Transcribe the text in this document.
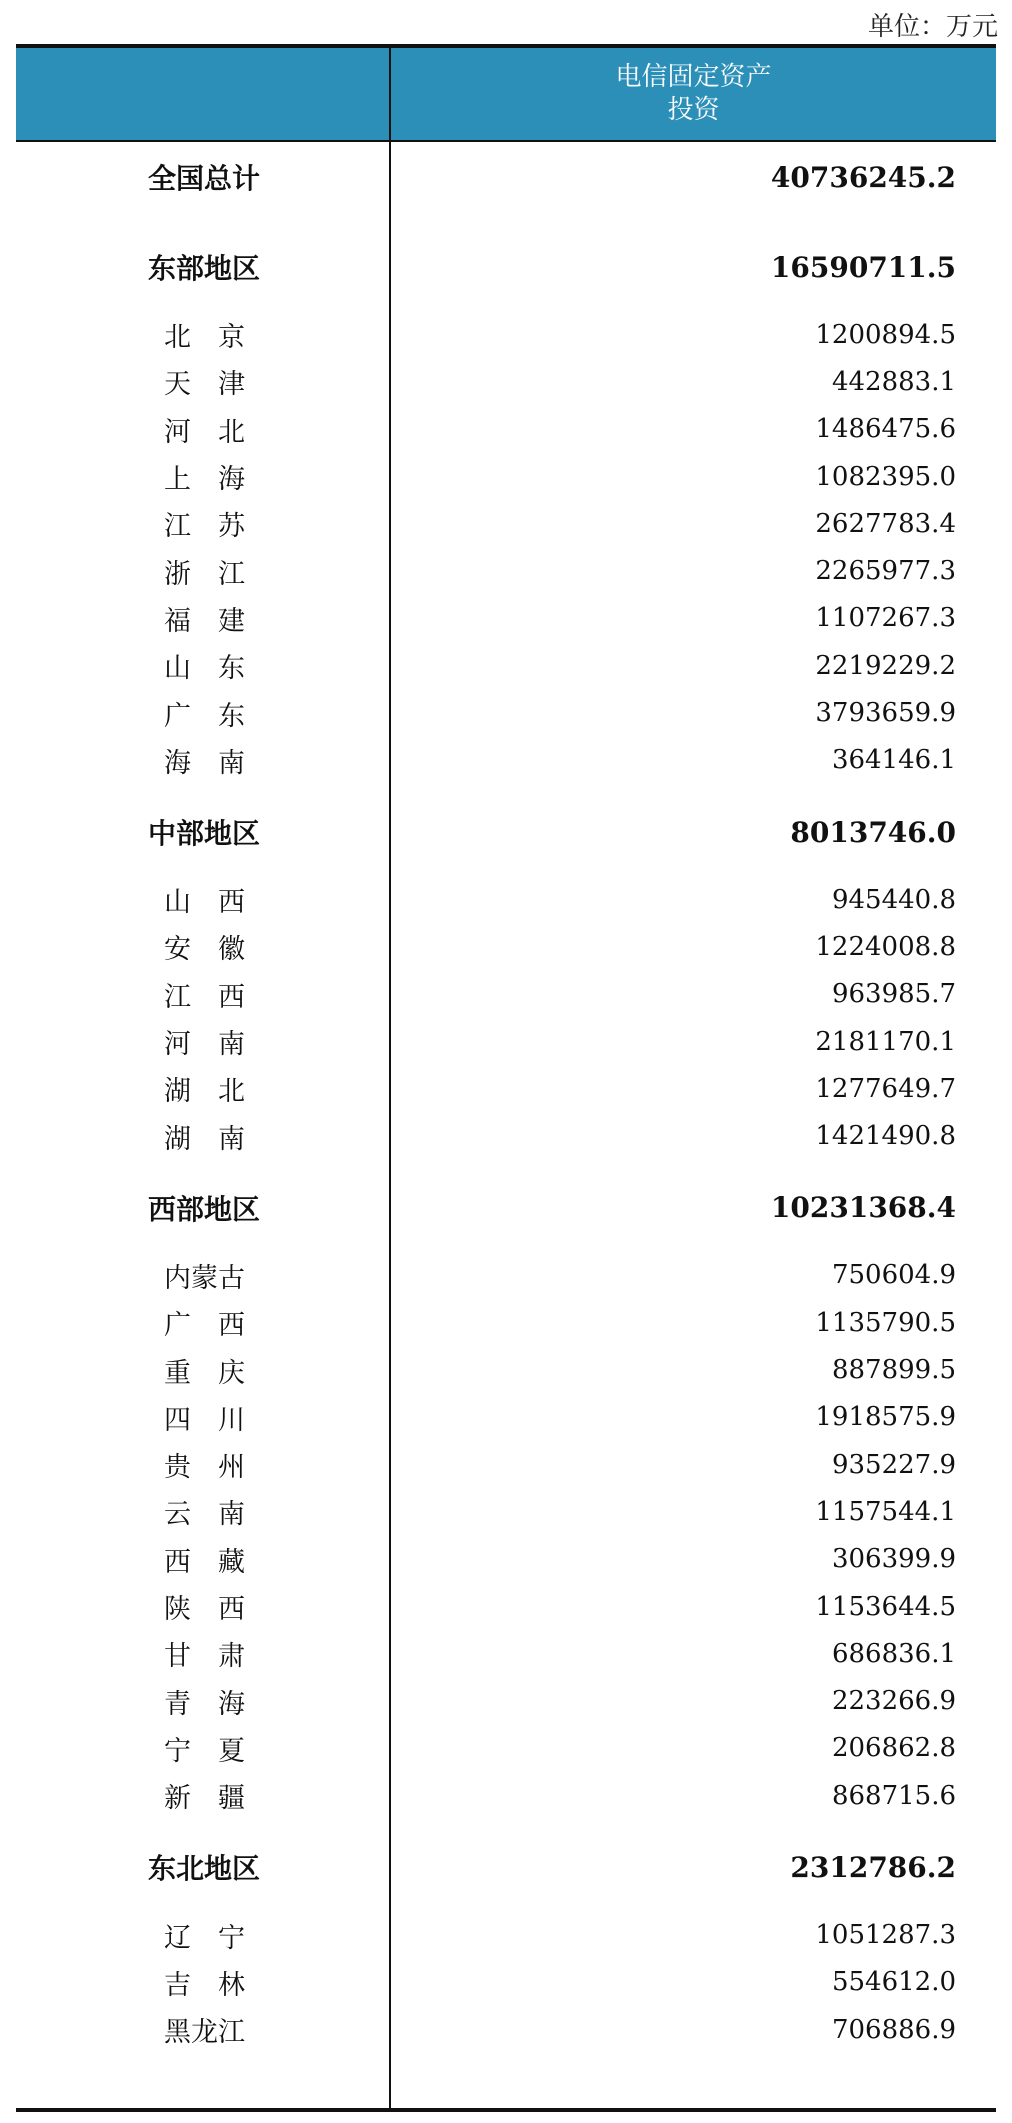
单位：万元
电信固定资产
投资
全国总计	40736245.2
东部地区	16590711.5
北　京	1200894.5
天　津	442883.1
河　北	1486475.6
上　海	1082395.0
江　苏	2627783.4
浙　江	2265977.3
福　建	1107267.3
山　东	2219229.2
广　东	3793659.9
海　南	364146.1
中部地区	8013746.0
山　西	945440.8
安　徽	1224008.8
江　西	963985.7
河　南	2181170.1
湖　北	1277649.7
湖　南	1421490.8
西部地区	10231368.4
内蒙古	750604.9
广　西	1135790.5
重　庆	887899.5
四　川	1918575.9
贵　州	935227.9
云　南	1157544.1
西　藏	306399.9
陕　西	1153644.5
甘　肃	686836.1
青　海	223266.9
宁　夏	206862.8
新　疆	868715.6
东北地区	2312786.2
辽　宁	1051287.3
吉　林	554612.0
黑龙江	706886.9
